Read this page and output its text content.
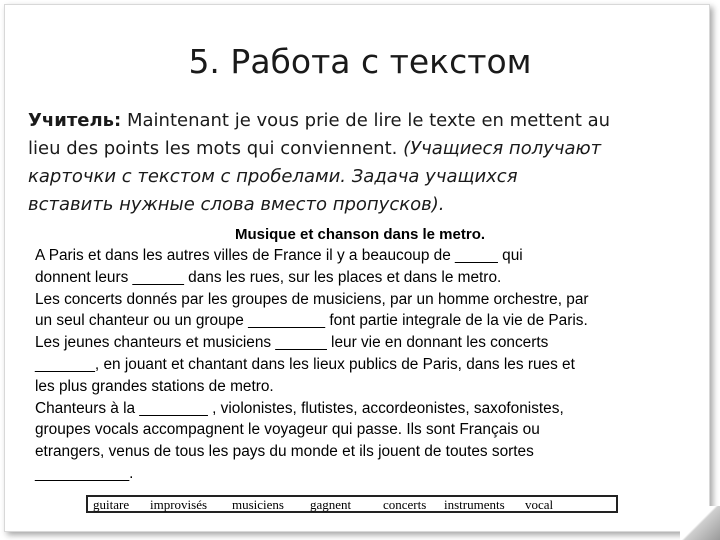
5. Работа с текстом
Учитель: Maintenant je vous prie de lire le texte en mettent au
lieu des points les mots qui conviennent. (Учащиеся получают
карточки с текстом с пробелами. Задача учащихся
вставить нужные слова вместо пропусков).
Musique et chanson dans le metro.
A Paris et dans les autres villes de France il y a beaucoup de _____ qui
donnent leurs ______ dans les rues, sur les places et dans le metro.
Les concerts donnés par les groupes de musiciens, par un homme orchestre, par
un seul chanteur ou un groupe _________ font partie integrale de la vie de Paris.
Les jeunes chanteurs et musiciens ______ leur vie en donnant les concerts
_______, en jouant et chantant dans les lieux publics de Paris, dans les rues et
les plus grandes stations de metro.
Chanteurs à la ________ , violonistes, flutistes, accordeonistes, saxofonistes,
groupes vocals accompagnent le voyageur qui passe. Ils sont Français ou
etrangers, venus de tous les pays du monde et ils jouent de toutes sortes
___________.
guitare improvisés musiciens gagnent concerts instruments vocal
